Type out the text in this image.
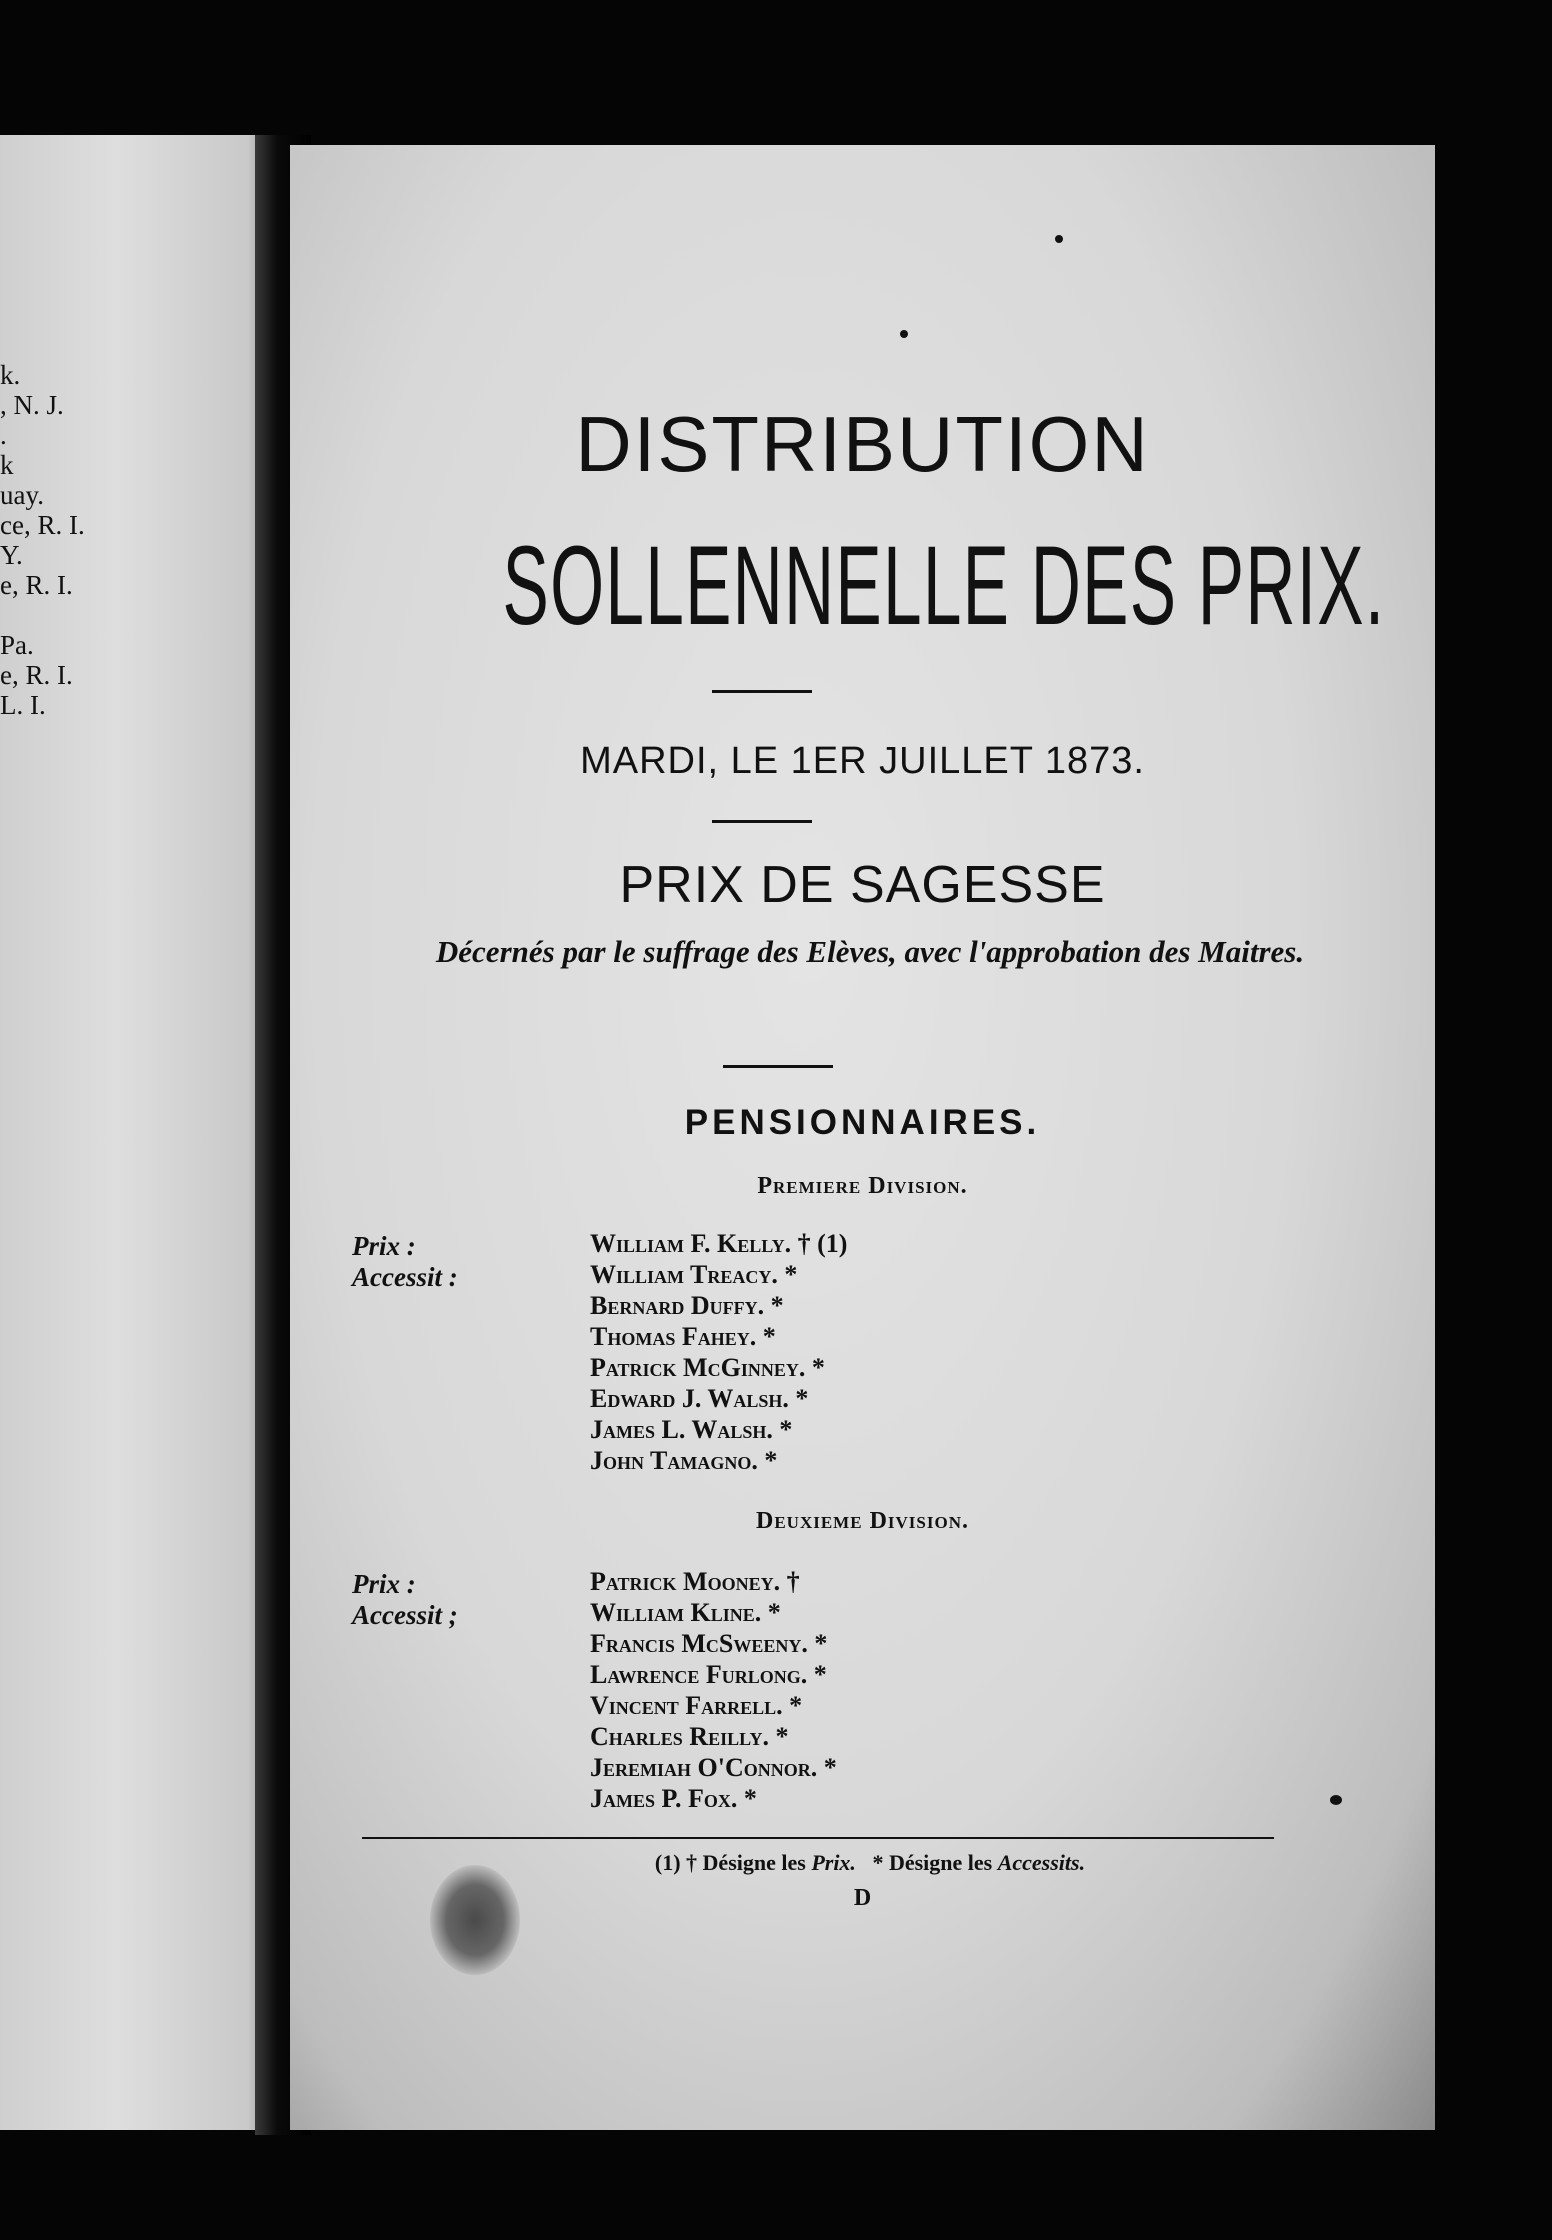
k.
, N. J.
.
k
uay.
ce, R. I.
Y.
e, R. I.
Pa.
e, R. I.
L. I.
DISTRIBUTION
SOLLENNELLE DES PRIX.
MARDI, LE 1ER JUILLET 1873.
PRIX DE SAGESSE
Décernés par le suffrage des Elèves, avec l'approbation des Maitres.
PENSIONNAIRES.
Premiere Division.
Prix :
Accessit :
William F. Kelly. † (1)
William Treacy. *
Bernard Duffy. *
Thomas Fahey. *
Patrick McGinney. *
Edward J. Walsh. *
James L. Walsh. *
John Tamagno. *
Deuxieme Division.
Prix :
Accessit ;
Patrick Mooney. †
William Kline. *
Francis McSweeny. *
Lawrence Furlong. *
Vincent Farrell. *
Charles Reilly. *
Jeremiah O'Connor. *
James P. Fox. *
(1) † Désigne les Prix. * Désigne les Accessits.
D
